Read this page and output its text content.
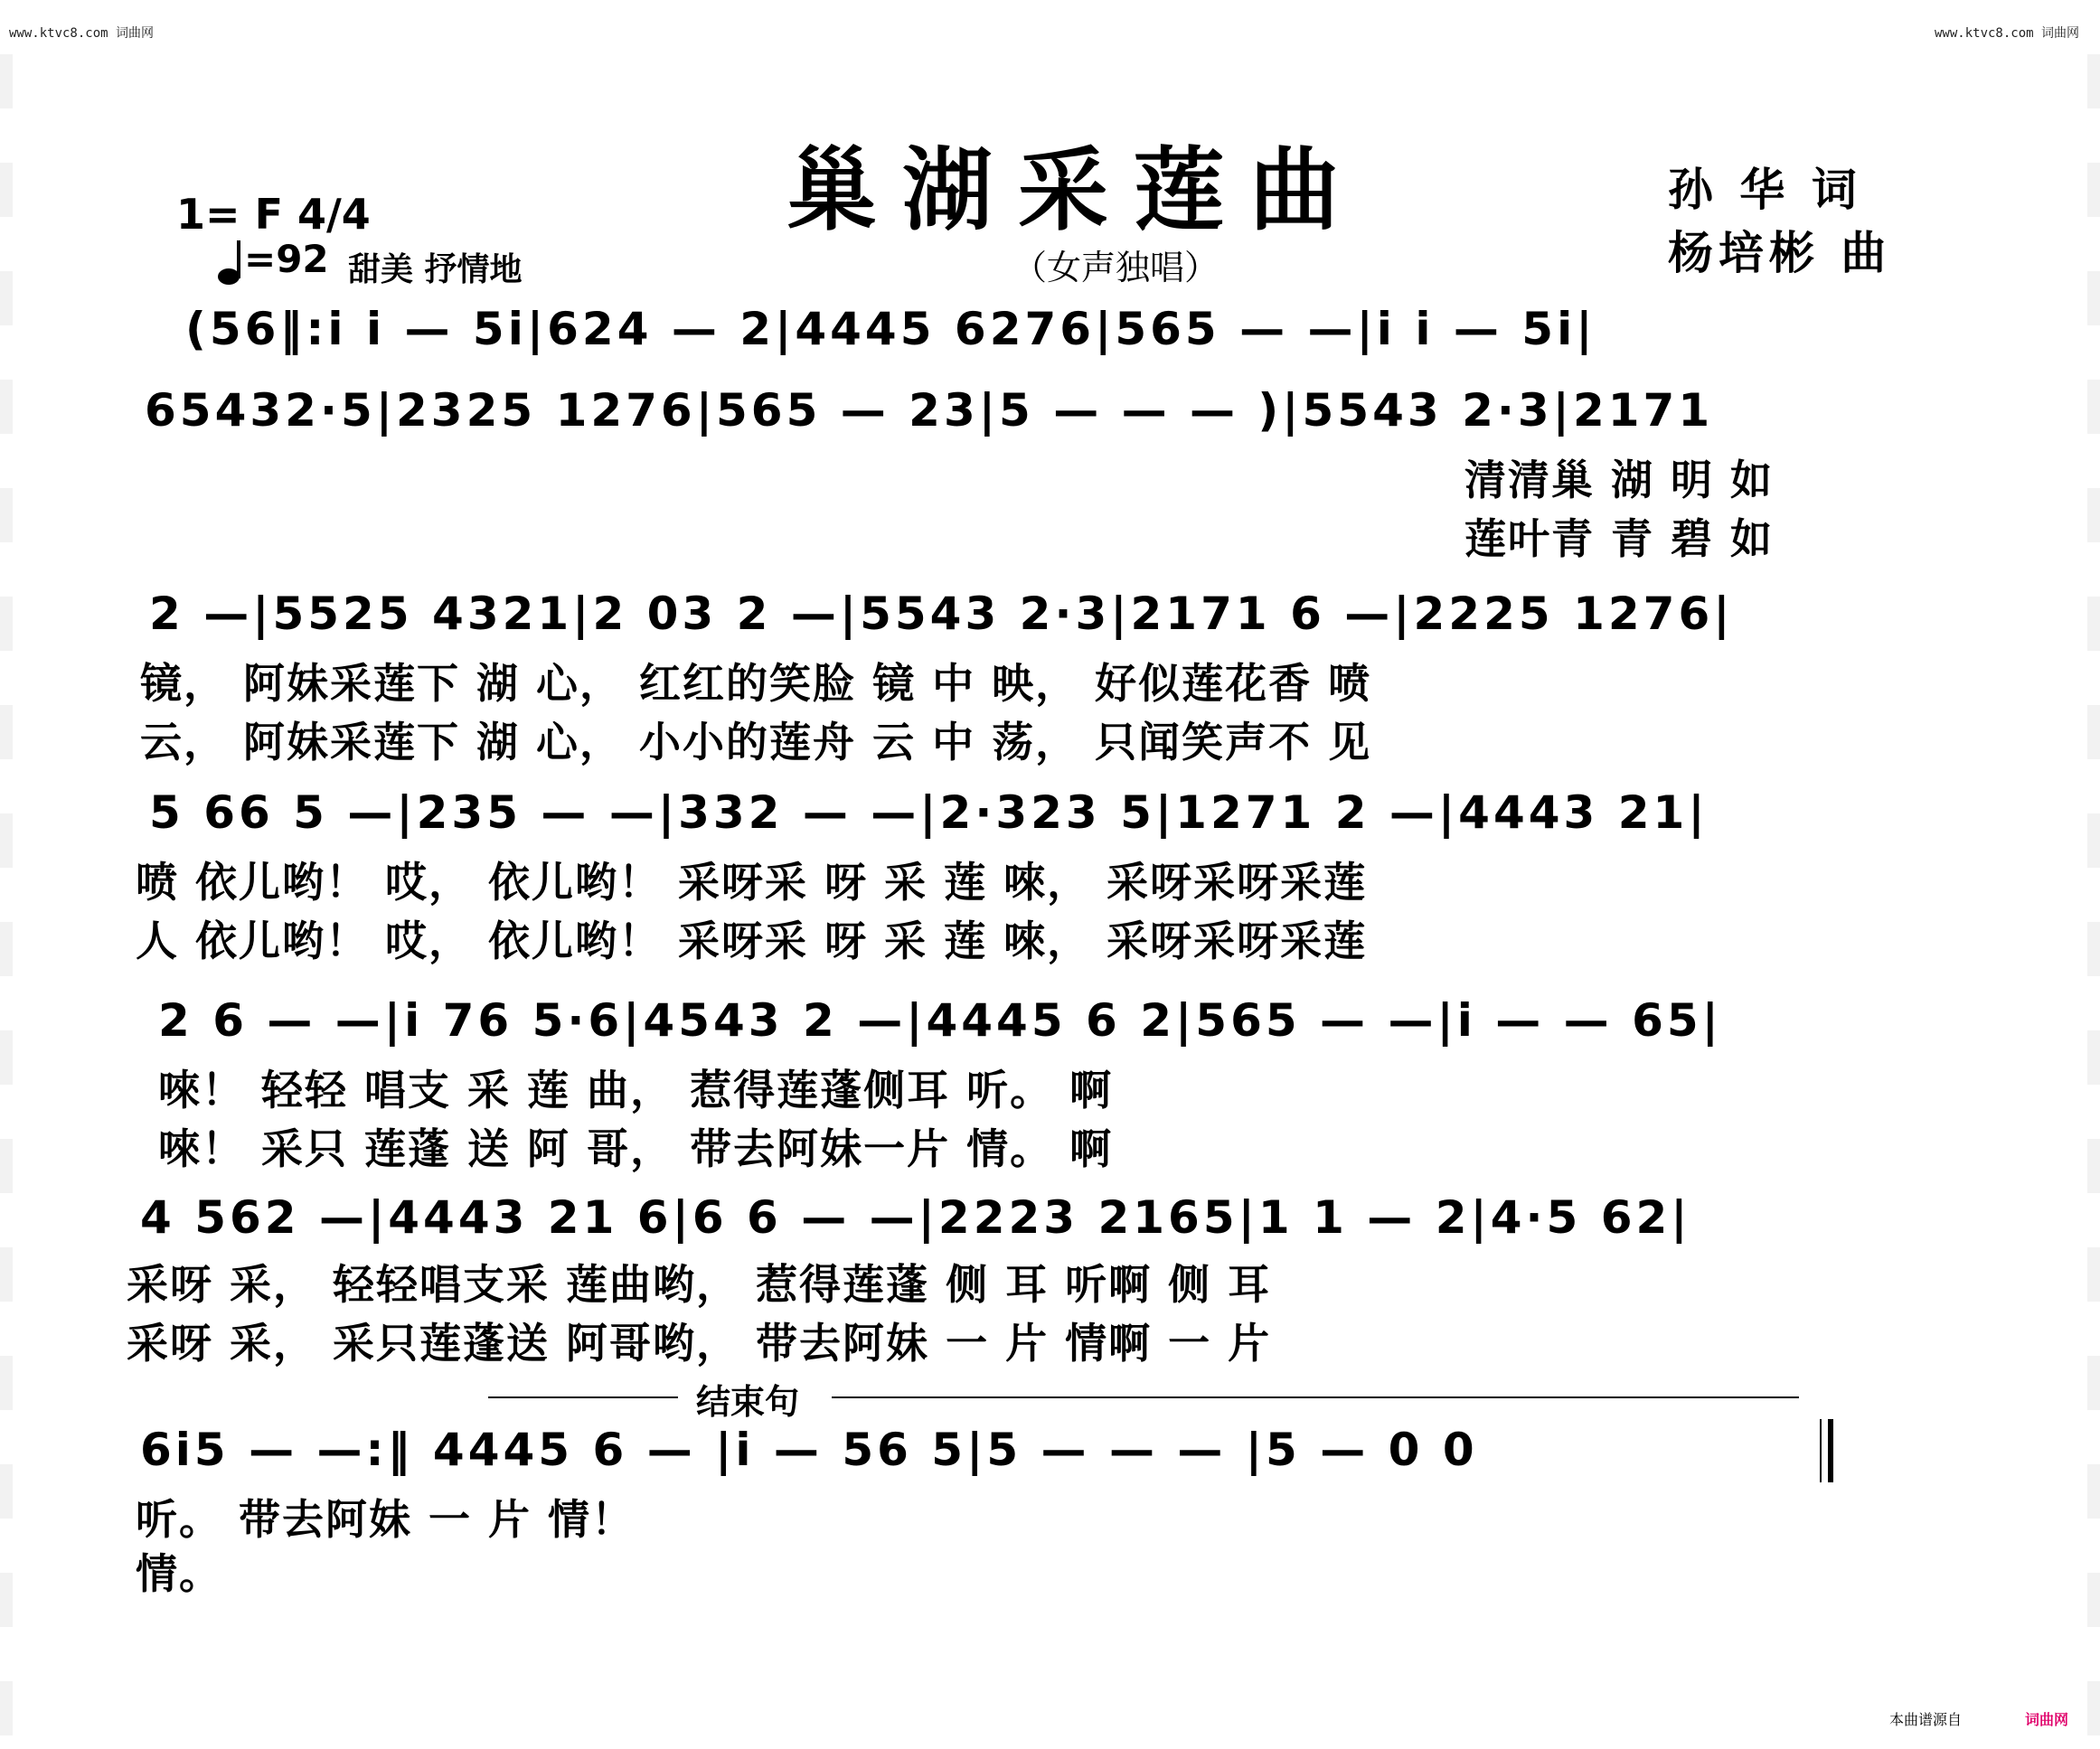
www.ktvc8.com 词曲网	www.ktvc8.com 词曲网
巢湖采莲曲	孙 华 词
杨培彬 曲
1= F 4/4
=92 甜美 抒情地	（女声独唱）
(56‖:i i — 5i|624 — 2|4445 6276|565 — —|i i — 5i|
65432·5|2325 1276|565 — 23|5 — — — )|5543 2·3|2171
清清巢 湖 明 如
莲叶青 青 碧 如
2 —|5525 4321|2 03 2 —|5543 2·3|2171 6 —|2225 1276|
镜， 阿妹采莲下 湖 心， 红红的笑脸 镜 中 映， 好似莲花香 喷
云， 阿妹采莲下 湖 心， 小小的莲舟 云 中 荡， 只闻笑声不 见
5 66 5 —|235 — —|332 — —|2·323 5|1271 2 —|4443 21|
喷 依儿哟！ 哎， 依儿哟！ 采呀采 呀 采 莲 唻， 采呀采呀采莲
人 依儿哟！ 哎， 依儿哟！ 采呀采 呀 采 莲 唻， 采呀采呀采莲
2 6 — —|i 76 5·6|4543 2 —|4445 6 2|565 — —|i — — 65|
唻！ 轻轻 唱支 采 莲 曲， 惹得莲蓬侧耳 听。 啊
唻！ 采只 莲蓬 送 阿 哥， 带去阿妹一片 情。 啊
4 562 —|4443 21 6|6 6 — —|2223 2165|1 1 — 2|4·5 62|
采呀 采， 轻轻唱支采 莲曲哟， 惹得莲蓬 侧 耳 听啊 侧 耳
采呀 采， 采只莲蓬送 阿哥哟， 带去阿妹 一 片 情啊 一 片
结束句
6i5 — —:‖ 4445 6 — |i — 56 5|5 — — — |5 — 0 0
听。 带去阿妹 一 片 情！
情。
本曲谱源自	词曲网
